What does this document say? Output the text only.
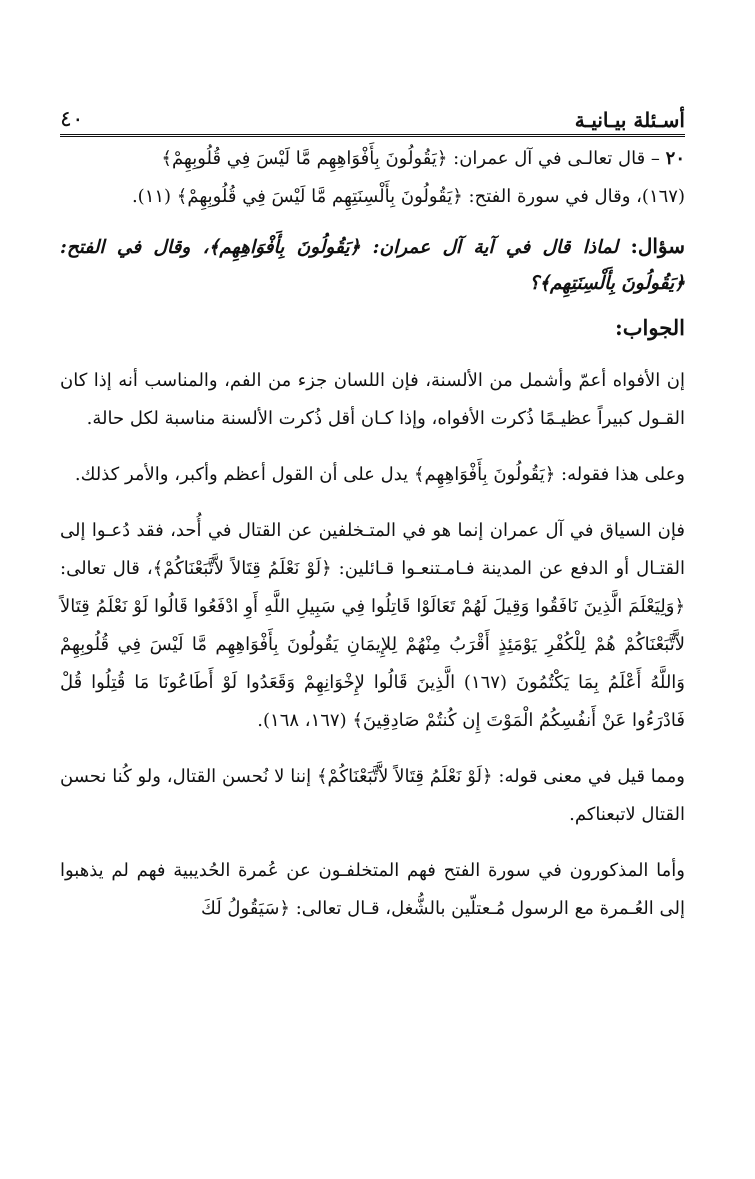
أسـئلة بيـانيـة
٤٠

٢٠ – قال تعالـى في آل عمران: ﴿يَقُولُونَ بِأَفْوَاهِهِم مَّا لَيْسَ فِي قُلُوبِهِمْ﴾

(١٦٧)، وقال في سورة الفتح: ﴿يَقُولُونَ بِأَلْسِنَتِهِم مَّا لَيْسَ فِي قُلُوبِهِمْ﴾ (١١).

سؤال: لماذا قال في آية آل عمران: ﴿يَقُولُونَ بِأَفْوَاهِهِم﴾، وقال في الفتح: ﴿يَقُولُونَ بِأَلْسِنَتِهِم﴾؟

الجواب:

إن الأفواه أعمّ وأشمل من الألسنة، فإن اللسان جزء من الفم، والمناسب أنه إذا كان القـول كبيراً عظيـمًا ذُكرت الأفواه، وإذا كـان أقل ذُكرت الألسنة مناسبة لكل حالة.

وعلى هذا فقوله: ﴿يَقُولُونَ بِأَفْوَاهِهِم﴾ يدل على أن القول أعظم وأكبر، والأمر كذلك.

فإن السياق في آل عمران إنما هو في المتـخلفين عن القتال في أُحد، فقد دُعـوا إلى القتـال أو الدفع عن المدينة فـامـتنعـوا قـائلين: ﴿لَوْ نَعْلَمُ قِتَالاً لاَّتَّبَعْنَاكُمْ﴾، قال تعالى: ﴿وَلِيَعْلَمَ الَّذِينَ نَافَقُوا وَقِيلَ لَهُمْ تَعَالَوْا قَاتِلُوا فِي سَبِيلِ اللَّهِ أَوِ ادْفَعُوا قَالُوا لَوْ نَعْلَمُ قِتَالاً لاَّتَّبَعْنَاكُمْ هُمْ لِلْكُفْرِ يَوْمَئِذٍ أَقْرَبُ مِنْهُمْ لِلإِيمَانِ يَقُولُونَ بِأَفْوَاهِهِم مَّا لَيْسَ فِي قُلُوبِهِمْ وَاللَّهُ أَعْلَمُ بِمَا يَكْتُمُونَ (١٦٧) الَّذِينَ قَالُوا لإِخْوَانِهِمْ وَقَعَدُوا لَوْ أَطَاعُونَا مَا قُتِلُوا قُلْ فَادْرَءُوا عَنْ أَنفُسِكُمُ الْمَوْتَ إِن كُنتُمْ صَادِقِينَ﴾ (١٦٧، ١٦٨).

ومما قيل في معنى قوله: ﴿لَوْ نَعْلَمُ قِتَالاً لاَّتَّبَعْنَاكُمْ﴾ إننا لا نُحسن القتال، ولو كُنا نحسن القتال لاتبعناكم.

وأما المذكورون في سورة الفتح فهم المتخلفـون عن عُمرة الحُديبية فهم لم يذهبوا إلى العُـمرة مع الرسول مُـعتلّين بالشُّغل، قـال تعالى: ﴿سَيَقُولُ لَكَ
